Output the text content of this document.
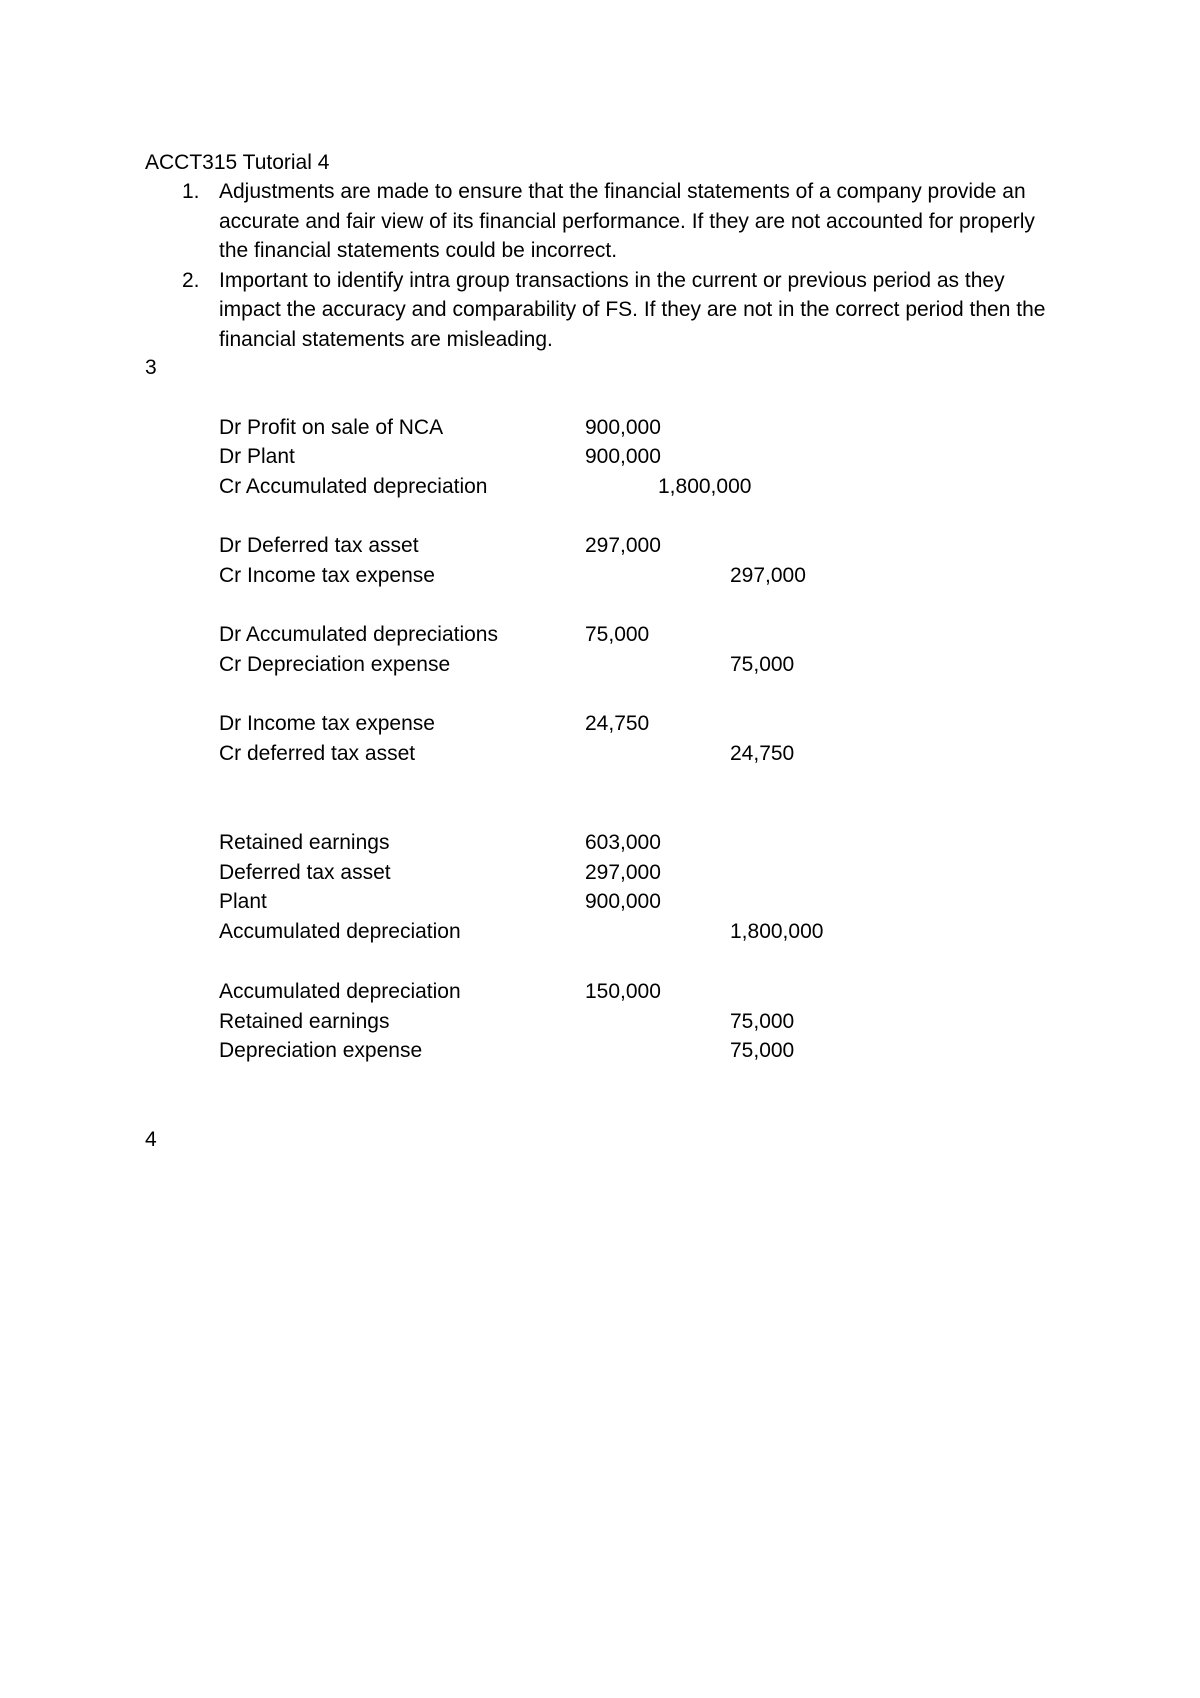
ACCT315 Tutorial 4
1. Adjustments are made to ensure that the financial statements of a company provide an accurate and fair view of its financial performance. If they are not accounted for properly the financial statements could be incorrect.
2. Important to identify intra group transactions in the current or previous period as they impact the accuracy and comparability of FS. If they are not in the correct period then the financial statements are misleading.
3
Dr Profit on sale of NCA	900,000
Dr Plant	900,000
Cr Accumulated depreciation	1,800,000
Dr Deferred tax asset	297,000
Cr Income tax expense	297,000
Dr Accumulated depreciations	75,000
Cr Depreciation expense	75,000
Dr Income tax expense	24,750
Cr deferred tax asset	24,750
Retained earnings	603,000
Deferred tax asset	297,000
Plant	900,000
Accumulated depreciation	1,800,000
Accumulated depreciation	150,000
Retained earnings	75,000
Depreciation expense	75,000
4
